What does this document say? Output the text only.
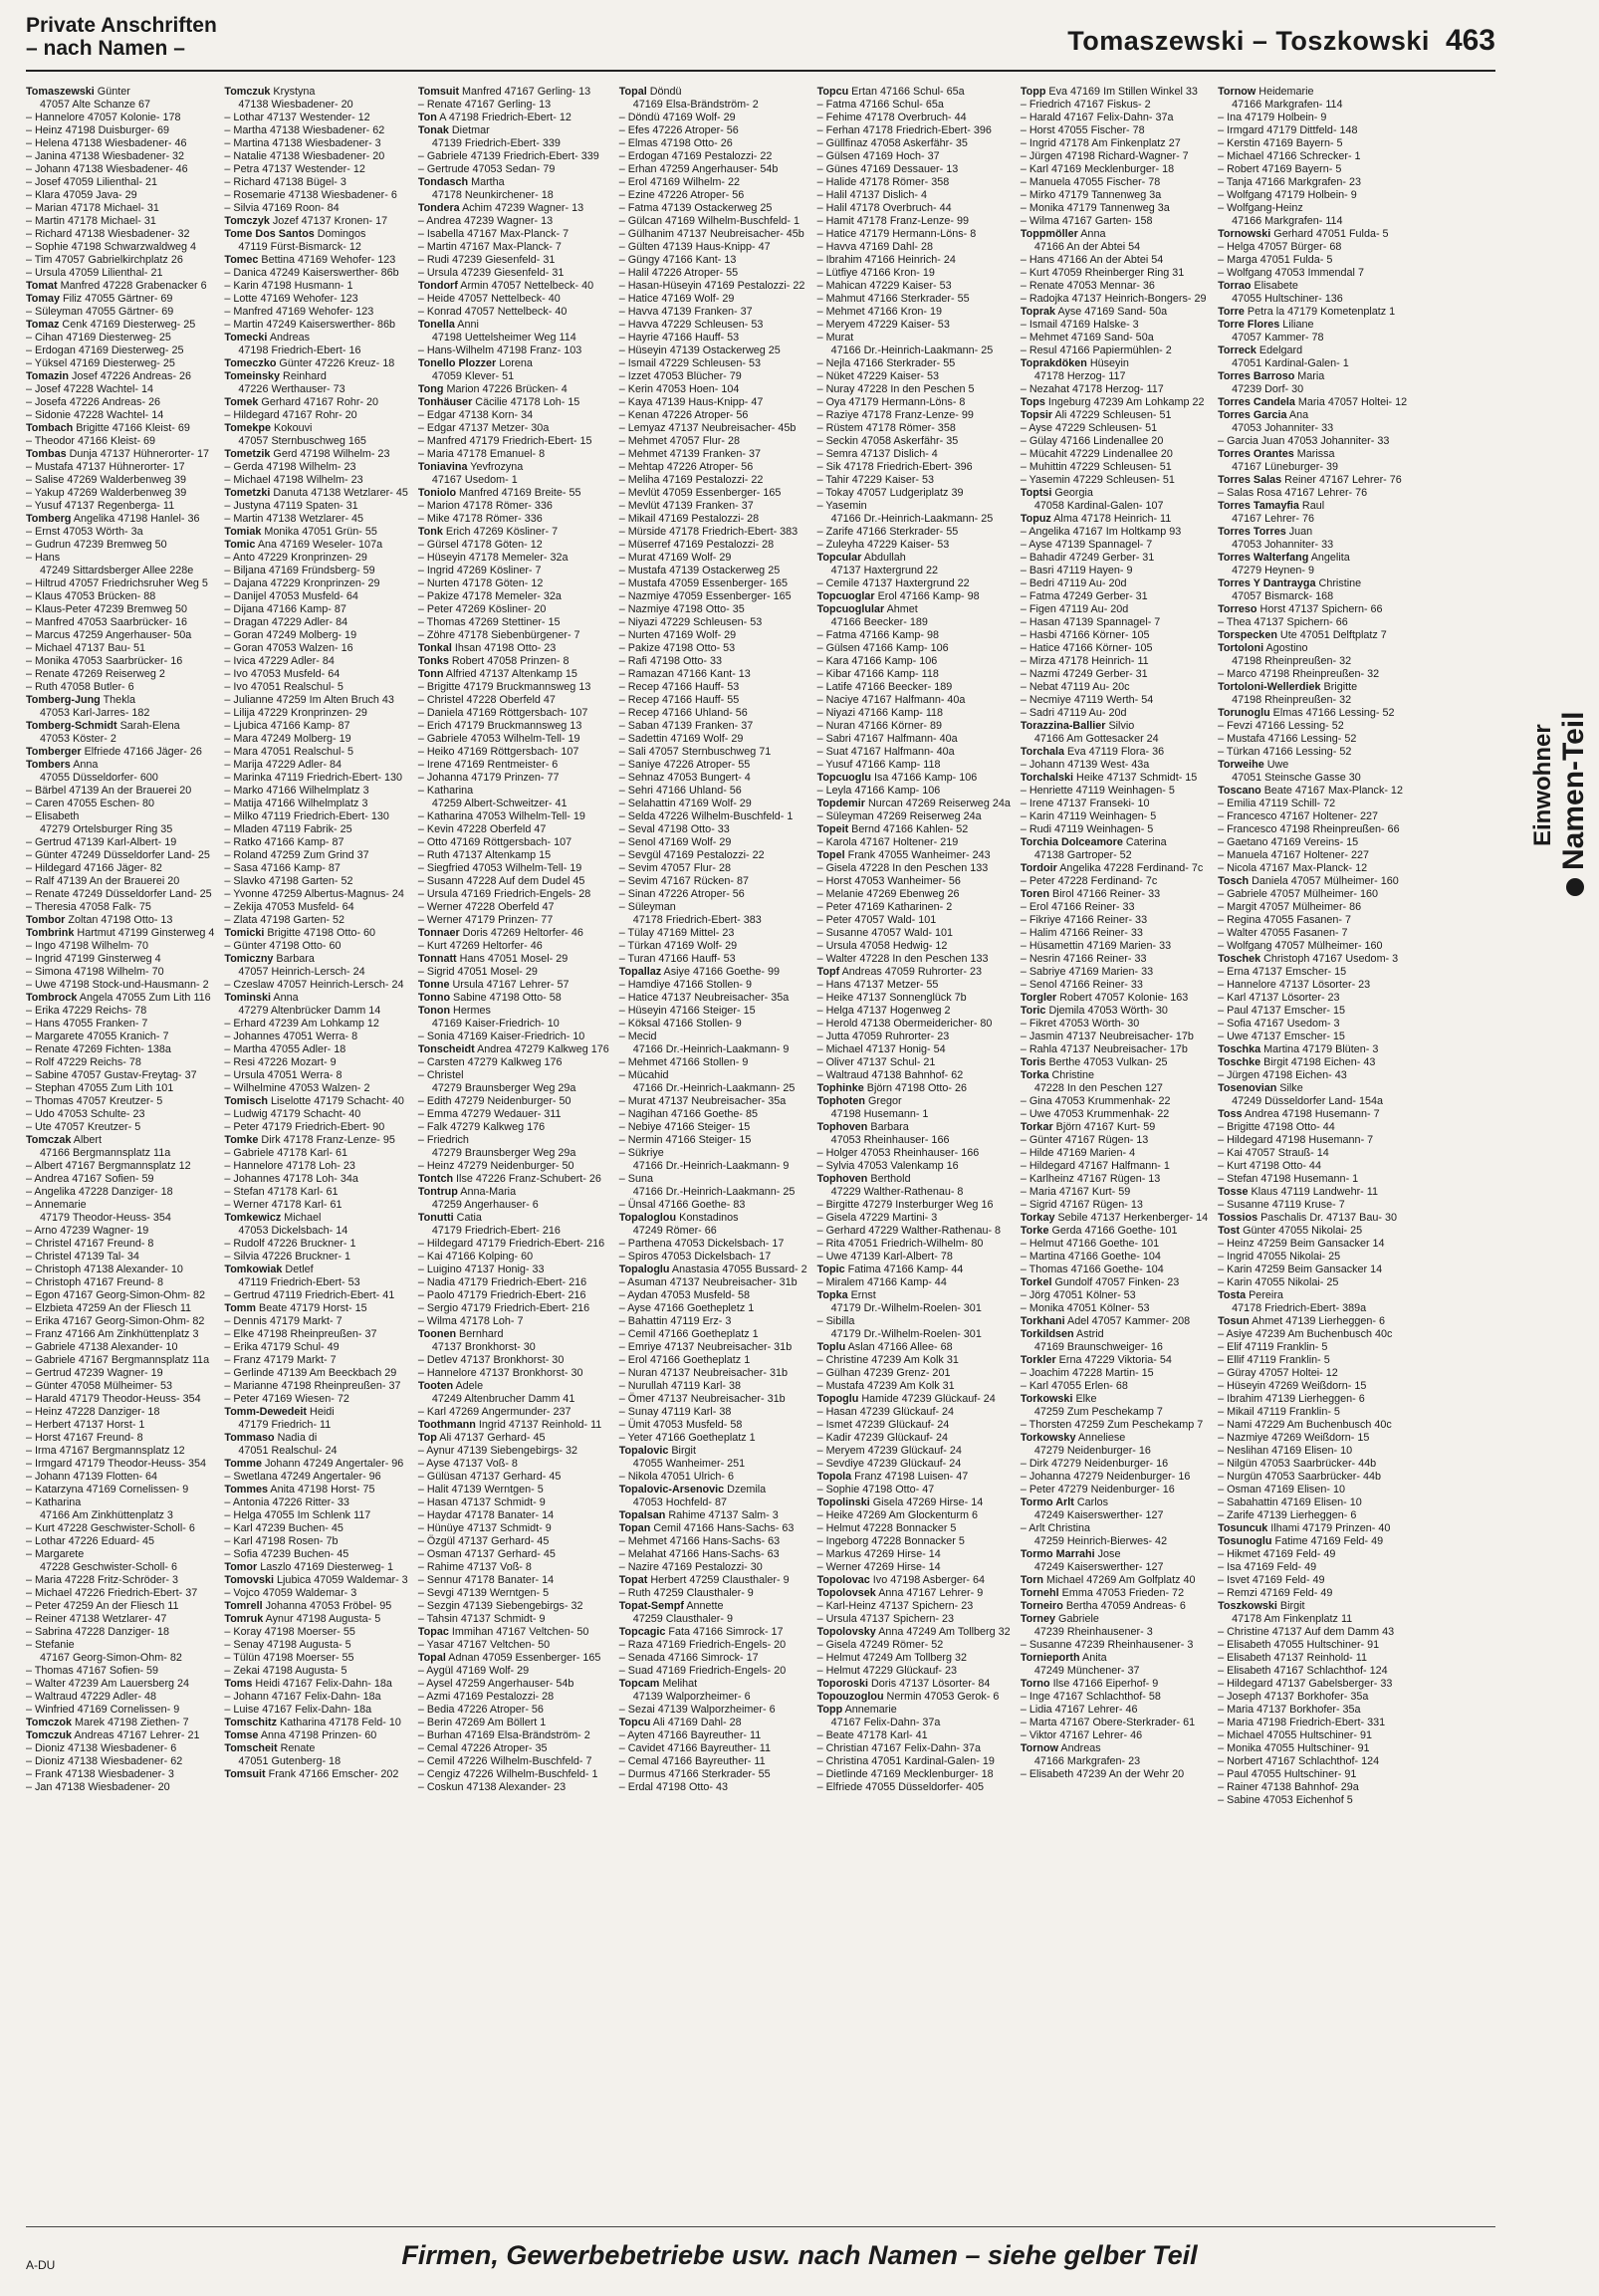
Private Anschriften
– nach Namen –	Tomaszewski – Toszkowski 463
Tomaszewski Günter
47057 Alte Schanze 67
– Hannelore 47057 Kolonie- 178
– Heinz 47198 Duisburger- 69
– Helena 47138 Wiesbadener- 46
– Janina 47138 Wiesbadener- 32
– Johann 47138 Wiesbadener- 46
– Josef 47059 Lilienthal- 21
– Klara 47059 Java- 29
– Marian 47178 Michael- 31
– Martin 47178 Michael- 31
– Richard 47138 Wiesbadener- 32
– Sophie 47198 Schwarzwaldweg 4
– Tim 47057 Gabrielkirchplatz 26
– Ursula 47059 Lilienthal- 21
Tomat Manfred 47228 Grabenacker 6
Tomay Filiz 47055 Gärtner- 69
– Süleyman 47055 Gärtner- 69
Tomaz Cenk 47169 Diesterweg- 25
– Cihan 47169 Diesterweg- 25
– Erdogan 47169 Diesterweg- 25
– Yüksel 47169 Diesterweg- 25
Tomazin Josef 47226 Andreas- 26
– Josef 47228 Wachtel- 14
– Josefa 47226 Andreas- 26
– Sidonie 47228 Wachtel- 14
Tombach Brigitte 47166 Kleist- 69
– Theodor 47166 Kleist- 69
Tombas Dunja 47137 Hühnerorter- 17
– Mustafa 47137 Hühnerorter- 17
– Salise 47269 Walderbenweg 39
– Yakup 47269 Walderbenweg 39
– Yusuf 47137 Regenberga- 11
Tomberg Angelika 47198 Hanlel- 36
– Ernst 47053 Wörth- 3a
– Gudrun 47239 Bremweg 50
– Hans
47249 Sittardsberger Allee 228e
– Hiltrud 47057 Friedrichsruher Weg 5
– Klaus 47053 Brücken- 88
– Klaus-Peter 47239 Bremweg 50
– Manfred 47053 Saarbrücker- 16
– Marcus 47259 Angerhauser- 50a
– Michael 47137 Bau- 51
– Monika 47053 Saarbrücker- 16
– Renate 47269 Reiserweg 2
– Ruth 47058 Butler- 6
Tomberg-Jung Thekla
47053 Karl-Jarres- 182
Tomberg-Schmidt Sarah-Elena
47053 Köster- 2
Tomberger Elfriede 47166 Jäger- 26
Tombers Anna
47055 Düsseldorfer- 600
– Bärbel 47139 An der Brauerei 20
– Caren 47055 Eschen- 80
– Elisabeth
47279 Ortelsburger Ring 35
– Gertrud 47139 Karl-Albert- 19
– Günter 47249 Düsseldorfer Land- 25
– Hildegard 47166 Jäger- 82
– Ralf 47139 An der Brauerei 20
– Renate 47249 Düsseldorfer Land- 25
– Theresia 47058 Falk- 75
Tombor Zoltan 47198 Otto- 13
Tombrink Hartmut 47199 Ginsterweg 4
– Ingo 47198 Wilhelm- 70
– Ingrid 47199 Ginsterweg 4
– Simona 47198 Wilhelm- 70
– Uwe 47198 Stock-und-Hausmann- 2
Tombrock Angela 47055 Zum Lith 116
– Erika 47229 Reichs- 78
– Hans 47055 Franken- 7
– Margarete 47055 Kranich- 7
– Renate 47269 Fichten- 138a
– Rolf 47229 Reichs- 78
– Sabine 47057 Gustav-Freytag- 37
– Stephan 47055 Zum Lith 101
– Thomas 47057 Kreutzer- 5
– Udo 47053 Schulte- 23
– Ute 47057 Kreutzer- 5
Tomczak Albert
47166 Bergmannsplatz 11a
– Albert 47167 Bergmannsplatz 12
– Andrea 47167 Sofien- 59
– Angelika 47228 Danziger- 18
– Annemarie
47179 Theodor-Heuss- 354
– Arno 47239 Wagner- 19
– Christel 47167 Freund- 8
– Christel 47139 Tal- 34
– Christoph 47138 Alexander- 10
– Christoph 47167 Freund- 8
– Egon 47167 Georg-Simon-Ohm- 82
– Elzbieta 47259 An der Fliesch 11
– Erika 47167 Georg-Simon-Ohm- 82
– Franz 47166 Am Zinkhüttenplatz 3
– Gabriele 47138 Alexander- 10
– Gabriele 47167 Bergmannsplatz 11a
– Gertrud 47239 Wagner- 19
– Günter 47058 Mülheimer- 53
– Harald 47179 Theodor-Heuss- 354
– Heinz 47228 Danziger- 18
– Herbert 47137 Horst- 1
– Horst 47167 Freund- 8
– Irma 47167 Bergmannsplatz 12
– Irmgard 47179 Theodor-Heuss- 354
– Johann 47139 Flotten- 64
– Katarzyna 47169 Cornelissen- 9
– Katharina
47166 Am Zinkhüttenplatz 3
– Kurt 47228 Geschwister-Scholl- 6
– Lothar 47226 Eduard- 45
– Margarete
47228 Geschwister-Scholl- 6
– Maria 47228 Fritz-Schröder- 3
– Michael 47226 Friedrich-Ebert- 37
– Peter 47259 An der Fliesch 11
– Reiner 47138 Wetzlarer- 47
– Sabrina 47228 Danziger- 18
– Stefanie
47167 Georg-Simon-Ohm- 82
– Thomas 47167 Sofien- 59
– Walter 47239 Am Lauersberg 24
– Waltraud 47229 Adler- 48
– Winfried 47169 Cornelissen- 9
Tomczok Marek 47198 Ziethen- 7
Tomczuk Andreas 47167 Lehrer- 21
– Dioniz 47138 Wiesbadener- 6
– Dioniz 47138 Wiesbadener- 62
– Frank 47138 Wiesbadener- 3
– Jan 47138 Wiesbadener- 20
Tomczuk Krystyna
47138 Wiesbadener- 20
– Lothar 47137 Westender- 12
– Martha 47138 Wiesbadener- 62
– Martina 47138 Wiesbadener- 3
– Natalie 47138 Wiesbadener- 20
– Petra 47137 Westender- 12
– Richard 47138 Bügel- 3
– Rosemarie 47138 Wiesbadener- 6
– Silvia 47169 Roon- 84
Tomczyk Jozef 47137 Kronen- 17
Tome Dos Santos Domingos
47119 Fürst-Bismarck- 12
Tomec Bettina 47169 Wehofer- 123
– Danica 47249 Kaiserswerther- 86b
– Karin 47198 Husmann- 1
– Lotte 47169 Wehofer- 123
– Manfred 47169 Wehofer- 123
– Martin 47249 Kaiserswerther- 86b
Tomecki Andreas
47198 Friedrich-Ebert- 16
Tomeczko Günter 47226 Kreuz- 18
Tomeinsky Reinhard
47226 Werthauser- 73
Tomek Gerhard 47167 Rohr- 20
– Hildegard 47167 Rohr- 20
Tomekpe Kokouvi
47057 Sternbuschweg 165
Tometzik Gerd 47198 Wilhelm- 23
– Gerda 47198 Wilhelm- 23
– Michael 47198 Wilhelm- 23
Tometzki Danuta 47138 Wetzlarer- 45
– Justyna 47119 Spaten- 31
– Martin 47138 Wetzlarer- 45
Tomiak Monika 47051 Grün- 55
Tomic Ana 47169 Weseler- 107a
– Anto 47229 Kronprinzen- 29
– Biljana 47169 Fründsberg- 59
– Dajana 47229 Kronprinzen- 29
– Danijel 47053 Musfeld- 64
– Dijana 47166 Kamp- 87
– Dragan 47229 Adler- 84
– Goran 47249 Molberg- 19
– Goran 47053 Walzen- 16
– Ivica 47229 Adler- 84
– Ivo 47053 Musfeld- 64
– Ivo 47051 Realschul- 5
– Julianne 47259 Im Alten Bruch 43
– Lilija 47229 Kronprinzen- 29
– Ljubica 47166 Kamp- 87
– Mara 47249 Molberg- 19
– Mara 47051 Realschul- 5
– Marija 47229 Adler- 84
– Marinka 47119 Friedrich-Ebert- 130
– Marko 47166 Wilhelmplatz 3
– Matija 47166 Wilhelmplatz 3
– Milko 47119 Friedrich-Ebert- 130
– Mladen 47119 Fabrik- 25
– Ratko 47166 Kamp- 87
– Roland 47259 Zum Grind 37
– Sasa 47166 Kamp- 87
– Slavko 47198 Garten- 52
– Yvonne 47259 Albertus-Magnus- 24
– Zekija 47053 Musfeld- 64
– Zlata 47198 Garten- 52
Tomicki Brigitte 47198 Otto- 60
– Günter 47198 Otto- 60
Tomiczny Barbara
47057 Heinrich-Lersch- 24
– Czeslaw 47057 Heinrich-Lersch- 24
Tominski Anna
47279 Altenbrücker Damm 14
– Erhard 47239 Am Lohkamp 12
– Johannes 47051 Werra- 8
– Martha 47055 Adler- 18
– Resi 47226 Mozart- 9
– Ursula 47051 Werra- 8
– Wilhelmine 47053 Walzen- 2
Tomisch Liselotte 47179 Schacht- 40
– Ludwig 47179 Schacht- 40
– Peter 47179 Friedrich-Ebert- 90
Tomke Dirk 47178 Franz-Lenze- 95
– Gabriele 47178 Karl- 61
– Hannelore 47178 Loh- 23
– Johannes 47178 Loh- 34a
– Stefan 47178 Karl- 61
– Werner 47178 Karl- 61
Tomkewicz Michael
47053 Dickelsbach- 14
– Rudolf 47226 Bruckner- 1
– Silvia 47226 Bruckner- 1
Tomkowiak Detlef
47119 Friedrich-Ebert- 53
– Gertrud 47119 Friedrich-Ebert- 41
Tomm Beate 47179 Horst- 15
– Dennis 47179 Markt- 7
– Elke 47198 Rheinpreußen- 37
– Erika 47179 Schul- 49
– Franz 47179 Markt- 7
– Gerlinde 47139 Am Beeckbach 29
– Marianne 47198 Rheinpreußen- 37
– Peter 47169 Wiesen- 72
Tomm-Dewedeit Heidi
47179 Friedrich- 11
Tommaso Nadia di
47051 Realschul- 24
Tomme Johann 47249 Angertaler- 96
– Swetlana 47249 Angertaler- 96
Tommes Anita 47198 Horst- 75
– Antonia 47226 Ritter- 33
– Helga 47055 Im Schlenk 117
– Karl 47239 Buchen- 45
– Karl 47198 Rosen- 7b
– Sofia 47239 Buchen- 45
Tomor Laszlo 47169 Diesterweg- 1
Tomovski Ljubica 47059 Waldemar- 3
– Vojco 47059 Waldemar- 3
Tomrell Johanna 47053 Fröbel- 95
Tomruk Aynur 47198 Augusta- 5
– Koray 47198 Moerser- 55
– Senay 47198 Augusta- 5
– Tülün 47198 Moerser- 55
– Zekai 47198 Augusta- 5
Toms Heidi 47167 Felix-Dahn- 18a
– Johann 47167 Felix-Dahn- 18a
– Luise 47167 Felix-Dahn- 18a
Tomschitz Katharina 47178 Feld- 10
Tomse Anna 47198 Prinzen- 60
Tomscheit Renate
47051 Gutenberg- 18
Tomsuit Frank 47166 Emscher- 202
Tomsuit Manfred 47167 Gerling- 13
– Renate 47167 Gerling- 13
Ton A 47198 Friedrich-Ebert- 12
Tonak Dietmar
47139 Friedrich-Ebert- 339
– Gabriele 47139 Friedrich-Ebert- 339
– Gertrude 47053 Sedan- 79
Tondasch Martha
47178 Neunkirchener- 18
Tondera Achim 47239 Wagner- 13
– Andrea 47239 Wagner- 13
– Isabella 47167 Max-Planck- 7
– Martin 47167 Max-Planck- 7
– Rudi 47239 Giesenfeld- 31
– Ursula 47239 Giesenfeld- 31
Tondorf Armin 47057 Nettelbeck- 40
– Heide 47057 Nettelbeck- 40
– Konrad 47057 Nettelbeck- 40
Tonella Anni
47198 Uettelsheimer Weg 114
– Hans-Wilhelm 47198 Franz- 103
Tonello Plozzer Lorena
47059 Klever- 51
Tong Marion 47226 Brücken- 4
Tonhäuser Cäcilie 47178 Loh- 15
– Edgar 47138 Korn- 34
– Edgar 47137 Metzer- 30a
– Manfred 47179 Friedrich-Ebert- 15
– Maria 47178 Emanuel- 8
Toniavina Yevfrozyna
47167 Usedom- 1
Toniolo Manfred 47169 Breite- 55
– Marion 47178 Römer- 336
– Mike 47178 Römer- 336
Tonk Erich 47269 Kösliner- 7
– Gürsel 47178 Göten- 12
– Hüseyin 47178 Memeler- 32a
– Ingrid 47269 Kösliner- 7
– Nurten 47178 Göten- 12
– Pakize 47178 Memeler- 32a
– Peter 47269 Kösliner- 20
– Thomas 47269 Stettiner- 15
– Zöhre 47178 Siebenbürgener- 7
Tonkal Ihsan 47198 Otto- 23
Tonks Robert 47058 Prinzen- 8
Tonn Alfried 47137 Altenkamp 15
– Brigitte 47179 Bruckmannsweg 13
– Christel 47228 Oberfeld 47
– Daniela 47169 Röttgersbach- 107
– Erich 47179 Bruckmannsweg 13
– Gabriele 47053 Wilhelm-Tell- 19
– Heiko 47169 Röttgersbach- 107
– Irene 47169 Rentmeister- 6
– Johanna 47179 Prinzen- 77
– Katharina
47259 Albert-Schweitzer- 41
– Katharina 47053 Wilhelm-Tell- 19
– Kevin 47228 Oberfeld 47
– Otto 47169 Röttgersbach- 107
– Ruth 47137 Altenkamp 15
– Siegfried 47053 Wilhelm-Tell- 19
– Susann 47228 Auf dem Dudel 45
– Ursula 47169 Friedrich-Engels- 28
– Werner 47228 Oberfeld 47
– Werner 47179 Prinzen- 77
Tonnaer Doris 47269 Heltorfer- 46
– Kurt 47269 Heltorfer- 46
Tonnatt Hans 47051 Mosel- 29
– Sigrid 47051 Mosel- 29
Tonne Ursula 47167 Lehrer- 57
Tonno Sabine 47198 Otto- 58
Tonon Hermes
47169 Kaiser-Friedrich- 10
– Sonia 47169 Kaiser-Friedrich- 10
Tonscheidt Andrea 47279 Kalkweg 176
– Carsten 47279 Kalkweg 176
– Christel
47279 Braunsberger Weg 29a
– Edith 47279 Neidenburger- 50
– Emma 47279 Wedauer- 311
– Falk 47279 Kalkweg 176
– Friedrich
47279 Braunsberger Weg 29a
– Heinz 47279 Neidenburger- 50
Tontch Ilse 47226 Franz-Schubert- 26
Tontrup Anna-Maria
47259 Angerhauser- 6
Tonutti Catia
47179 Friedrich-Ebert- 216
– Hildegard 47179 Friedrich-Ebert- 216
– Kai 47166 Kolping- 60
– Luigino 47137 Honig- 33
– Nadia 47179 Friedrich-Ebert- 216
– Paolo 47179 Friedrich-Ebert- 216
– Sergio 47179 Friedrich-Ebert- 216
– Wilma 47178 Loh- 7
Toonen Bernhard
47137 Bronkhorst- 30
– Detlev 47137 Bronkhorst- 30
– Hannelore 47137 Bronkhorst- 30
Tooten Adele
47249 Altenbrucher Damm 41
– Karl 47269 Angermunder- 237
Toothmann Ingrid 47137 Reinhold- 11
Top Ali 47137 Gerhard- 45
– Aynur 47139 Siebengebirgs- 32
– Ayse 47137 Voß- 8
– Gülüsan 47137 Gerhard- 45
– Halit 47139 Werntgen- 5
– Hasan 47137 Schmidt- 9
– Haydar 47178 Banater- 14
– Hünüye 47137 Schmidt- 9
– Özgül 47137 Gerhard- 45
– Osman 47137 Gerhard- 45
– Rahime 47137 Voß- 8
– Sennur 47178 Banater- 14
– Sevgi 47139 Werntgen- 5
– Sezgin 47139 Siebengebirgs- 32
– Tahsin 47137 Schmidt- 9
Topac Immihan 47167 Veltchen- 50
– Yasar 47167 Veltchen- 50
Topal Adnan 47059 Essenberger- 165
– Aygül 47169 Wolf- 29
– Aysel 47259 Angerhauser- 54b
– Azmi 47169 Pestalozzi- 28
– Bedia 47226 Atroper- 56
– Berin 47269 Am Böllert 1
– Burhan 47169 Elsa-Brändström- 2
– Cemal 47226 Atroper- 35
– Cemil 47226 Wilhelm-Buschfeld- 7
– Cengiz 47226 Wilhelm-Buschfeld- 1
– Coskun 47138 Alexander- 23
Topal Döndü
47169 Elsa-Brändström- 2
– Döndü 47169 Wolf- 29
– Efes 47226 Atroper- 56
– Elmas 47198 Otto- 26
– Erdogan 47169 Pestalozzi- 22
– Erhan 47259 Angerhauser- 54b
– Erol 47169 Wilhelm- 22
– Ezine 47226 Atroper- 56
– Fatma 47139 Ostackerweg 25
– Gülcan 47169 Wilhelm-Buschfeld- 1
– Gülhanim 47137 Neubreisacher- 45b
– Gülten 47139 Haus-Knipp- 47
– Güngy 47166 Kant- 13
– Halil 47226 Atroper- 55
– Hasan-Hüseyin 47169 Pestalozzi- 22
– Hatice 47169 Wolf- 29
– Havva 47139 Franken- 37
– Havva 47229 Schleusen- 53
– Hayrie 47166 Hauff- 53
– Hüseyin 47139 Ostackerweg 25
– Ismail 47229 Schleusen- 53
– Izzet 47053 Blücher- 79
– Kerin 47053 Hoen- 104
– Kaya 47139 Haus-Knipp- 47
– Kenan 47226 Atroper- 56
– Lemyaz 47137 Neubreisacher- 45b
– Mehmet 47057 Flur- 28
– Mehmet 47139 Franken- 37
– Mehtap 47226 Atroper- 56
– Meliha 47169 Pestalozzi- 22
– Mevlüt 47059 Essenberger- 165
– Mevlüt 47139 Franken- 37
– Mikail 47169 Pestalozzi- 28
– Mürside 47178 Friedrich-Ebert- 383
– Müserref 47169 Pestalozzi- 28
– Murat 47169 Wolf- 29
– Mustafa 47139 Ostackerweg 25
– Mustafa 47059 Essenberger- 165
– Nazmiye 47059 Essenberger- 165
– Nazmiye 47198 Otto- 35
– Niyazi 47229 Schleusen- 53
– Nurten 47169 Wolf- 29
– Pakize 47198 Otto- 53
– Rafi 47198 Otto- 33
– Ramazan 47166 Kant- 13
– Recep 47166 Hauff- 53
– Recep 47166 Hauff- 55
– Recep 47166 Uhland- 56
– Saban 47139 Franken- 37
– Sadettin 47169 Wolf- 29
– Sali 47057 Sternbuschweg 71
– Saniye 47226 Atroper- 55
– Sehnaz 47053 Bungert- 4
– Sehri 47166 Uhland- 56
– Selahattin 47169 Wolf- 29
– Selda 47226 Wilhelm-Buschfeld- 1
– Seval 47198 Otto- 33
– Senol 47169 Wolf- 29
– Sevgül 47169 Pestalozzi- 22
– Sevim 47057 Flur- 28
– Sevim 47167 Rücken- 87
– Sinan 47226 Atroper- 56
– Süleyman
47178 Friedrich-Ebert- 383
– Tülay 47169 Mittel- 23
– Türkan 47169 Wolf- 29
– Turan 47166 Hauff- 53
Topallaz Asiye 47166 Goethe- 99
– Hamdiye 47166 Stollen- 9
– Hatice 47137 Neubreisacher- 35a
– Hüseyin 47166 Steiger- 15
– Köksal 47166 Stollen- 9
– Mecid
47166 Dr.-Heinrich-Laakmann- 9
– Mehmet 47166 Stollen- 9
– Mücahid
47166 Dr.-Heinrich-Laakmann- 25
– Murat 47137 Neubreisacher- 35a
– Nagihan 47166 Goethe- 85
– Nebiye 47166 Steiger- 15
– Nermin 47166 Steiger- 15
– Sükriye
47166 Dr.-Heinrich-Laakmann- 9
– Suna
47166 Dr.-Heinrich-Laakmann- 25
– Ünsal 47166 Goethe- 83
Topaloglou Konstadinos
47249 Römer- 66
– Parthena 47053 Dickelsbach- 17
– Spiros 47053 Dickelsbach- 17
Topaloglu Anastasia 47055 Bussard- 2
– Asuman 47137 Neubreisacher- 31b
– Aydan 47053 Musfeld- 58
– Ayse 47166 Goethepletz 1
– Bahattin 47119 Erz- 3
– Cemil 47166 Goetheplatz 1
– Emriye 47137 Neubreisacher- 31b
– Erol 47166 Goetheplatz 1
– Nuran 47137 Neubreisacher- 31b
– Nurullah 47119 Karl- 38
– Ömer 47137 Neubreisacher- 31b
– Sunay 47119 Karl- 38
– Ümit 47053 Musfeld- 58
– Yeter 47166 Goetheplatz 1
Topalovic Birgit
47055 Wanheimer- 251
– Nikola 47051 Ulrich- 6
Topalovic-Arsenovic Dzemila
47053 Hochfeld- 87
Topalsan Rahime 47137 Salm- 3
Topan Cemil 47166 Hans-Sachs- 63
– Mehmet 47166 Hans-Sachs- 63
– Melahat 47166 Hans-Sachs- 63
– Nazire 47169 Pestalozzi- 30
Topat Herbert 47259 Clausthaler- 9
– Ruth 47259 Clausthaler- 9
Topat-Sempf Annette
47259 Clausthaler- 9
Topcagic Fata 47166 Simrock- 17
– Raza 47169 Friedrich-Engels- 20
– Senada 47166 Simrock- 17
– Suad 47169 Friedrich-Engels- 20
Topcam Melihat
47139 Walporzheimer- 6
– Sezai 47139 Walporzheimer- 6
Topcu Ali 47169 Dahl- 28
– Ayten 47166 Bayreuther- 11
– Cavidet 47166 Bayreuther- 11
– Cemal 47166 Bayreuther- 11
– Durmus 47166 Sterkrader- 55
– Erdal 47198 Otto- 43
Topcu Ertan 47166 Schul- 65a
– Fatma 47166 Schul- 65a
– Fehime 47178 Overbruch- 44
– Ferhan 47178 Friedrich-Ebert- 396
– Güllfinaz 47058 Askerfähr- 35
– Gülsen 47169 Hoch- 37
– Günes 47169 Dessauer- 13
– Halide 47178 Römer- 358
– Halil 47137 Dislich- 4
– Halil 47178 Overbruch- 44
– Hamit 47178 Franz-Lenze- 99
– Hatice 47179 Hermann-Löns- 8
– Havva 47169 Dahl- 28
– Ibrahim 47166 Heinrich- 24
– Lütfiye 47166 Kron- 19
– Mahican 47229 Kaiser- 53
– Mahmut 47166 Sterkrader- 55
– Mehmet 47166 Kron- 19
– Meryem 47229 Kaiser- 53
– Murat
47166 Dr.-Heinrich-Laakmann- 25
– Nejla 47166 Sterkrader- 55
– Nüket 47229 Kaiser- 53
– Nuray 47228 In den Peschen 5
– Oya 47179 Hermann-Löns- 8
– Raziye 47178 Franz-Lenze- 99
– Rüstem 47178 Römer- 358
– Seckin 47058 Askerfähr- 35
– Semra 47137 Dislich- 4
– Sik 47178 Friedrich-Ebert- 396
– Tahir 47229 Kaiser- 53
– Tokay 47057 Ludgeriplatz 39
– Yasemin
47166 Dr.-Heinrich-Laakmann- 25
– Zarife 47166 Sterkrader- 55
– Zuleyha 47229 Kaiser- 53
Topcular Abdullah
47137 Haxtergrund 22
– Cemile 47137 Haxtergrund 22
Topcuoglar Erol 47166 Kamp- 98
Topcuoglular Ahmet
47166 Beecker- 189
– Fatma 47166 Kamp- 98
– Gülsen 47166 Kamp- 106
– Kara 47166 Kamp- 106
– Kibar 47166 Kamp- 118
– Latife 47166 Beecker- 189
– Naciye 47167 Halfmann- 40a
– Niyazi 47166 Kamp- 118
– Nuran 47166 Körner- 89
– Sabri 47167 Halfmann- 40a
– Suat 47167 Halfmann- 40a
– Yusuf 47166 Kamp- 118
Topcuoglu Isa 47166 Kamp- 106
– Leyla 47166 Kamp- 106
Topdemir Nurcan 47269 Reiserweg 24a
– Süleyman 47269 Reiserweg 24a
Topeit Bernd 47166 Kahlen- 52
– Karola 47167 Holtener- 219
Topel Frank 47055 Wanheimer- 243
– Gisela 47228 In den Peschen 133
– Horst 47053 Wanheimer- 56
– Melanie 47269 Ebenweg 26
– Peter 47169 Katharinen- 2
– Peter 47057 Wald- 101
– Susanne 47057 Wald- 101
– Ursula 47058 Hedwig- 12
– Walter 47228 In den Peschen 133
Topf Andreas 47059 Ruhrorter- 23
– Hans 47137 Metzer- 55
– Heike 47137 Sonnenglück 7b
– Helga 47137 Hogenweg 2
– Herold 47138 Obermeidericher- 80
– Jutta 47059 Ruhrorter- 23
– Michael 47137 Honig- 54
– Oliver 47137 Schul- 21
– Waltraud 47138 Bahnhof- 62
Tophinke Björn 47198 Otto- 26
Tophoten Gregor
47198 Husemann- 1
Tophoven Barbara
47053 Rheinhauser- 166
– Holger 47053 Rheinhauser- 166
– Sylvia 47053 Valenkamp 16
Tophoven Berthold
47229 Walther-Rathenau- 8
– Birgitte 47279 Insterburger Weg 16
– Gisela 47229 Martini- 3
– Gerhard 47229 Walther-Rathenau- 8
– Rita 47051 Friedrich-Wilhelm- 80
– Uwe 47139 Karl-Albert- 78
Topic Fatima 47166 Kamp- 44
– Miralem 47166 Kamp- 44
Topka Ernst
47179 Dr.-Wilhelm-Roelen- 301
– Sibilla
47179 Dr.-Wilhelm-Roelen- 301
Toplu Aslan 47166 Allee- 68
– Christine 47239 Am Kolk 31
– Gülhan 47239 Grenz- 201
– Mustafa 47239 Am Kolk 31
Topoglu Hamide 47239 Glückauf- 24
– Hasan 47239 Glückauf- 24
– Ismet 47239 Glückauf- 24
– Kadir 47239 Glückauf- 24
– Meryem 47239 Glückauf- 24
– Sevdiye 47239 Glückauf- 24
Topola Franz 47198 Luisen- 47
– Sophie 47198 Otto- 47
Topolinski Gisela 47269 Hirse- 14
– Heike 47269 Am Glockenturm 6
– Helmut 47228 Bonnacker 5
– Ingeborg 47228 Bonnacker 5
– Markus 47269 Hirse- 14
– Werner 47269 Hirse- 14
Topolovac Ivo 47198 Asberger- 64
Topolovsek Anna 47167 Lehrer- 9
– Karl-Heinz 47137 Spichern- 23
– Ursula 47137 Spichern- 23
Topolovsky Anna 47249 Am Tollberg 32
– Gisela 47249 Römer- 52
– Helmut 47249 Am Tollberg 32
– Helmut 47229 Glückauf- 23
Toporoski Doris 47137 Lösorter- 84
Topouzoglou Nermin 47053 Gerok- 6
Topp Annemarie
47167 Felix-Dahn- 37a
– Beate 47178 Karl- 41
– Christian 47167 Felix-Dahn- 37a
– Christina 47051 Kardinal-Galen- 19
– Dietlinde 47169 Mecklenburger- 18
– Elfriede 47055 Düsseldorfer- 405
Topp Eva 47169 Im Stillen Winkel 33
– Friedrich 47167 Fiskus- 2
– Harald 47167 Felix-Dahn- 37a
– Horst 47055 Fischer- 78
– Ingrid 47178 Am Finkenplatz 27
– Jürgen 47198 Richard-Wagner- 7
– Karl 47169 Mecklenburger- 18
– Manuela 47055 Fischer- 78
– Mirko 47179 Tannenweg 3a
– Monika 47179 Tannenweg 3a
– Wilma 47167 Garten- 158
Toppmöller Anna
47166 An der Abtei 54
– Hans 47166 An der Abtei 54
– Kurt 47059 Rheinberger Ring 31
– Renate 47053 Mennar- 36
– Radojka 47137 Heinrich-Bongers- 29
Toprak Ayse 47169 Sand- 50a
– Ismail 47169 Halske- 3
– Mehmet 47169 Sand- 50a
– Resul 47166 Papiermühlen- 2
Toprakdöken Hüseyin
47178 Herzog- 117
– Nezahat 47178 Herzog- 117
Tops Ingeburg 47239 Am Lohkamp 22
Topsir Ali 47229 Schleusen- 51
– Ayse 47229 Schleusen- 51
– Gülay 47166 Lindenallee 20
– Mücahit 47229 Lindenallee 20
– Muhittin 47229 Schleusen- 51
– Yasemin 47229 Schleusen- 51
Toptsi Georgia
47058 Kardinal-Galen- 107
Topuz Alma 47178 Heinrich- 11
– Angelika 47167 Im Holtkamp 93
– Ayse 47139 Spannagel- 7
– Bahadir 47249 Gerber- 31
– Basri 47119 Hayen- 9
– Bedri 47119 Au- 20d
– Fatma 47249 Gerber- 31
– Figen 47119 Au- 20d
– Hasan 47139 Spannagel- 7
– Hasbi 47166 Körner- 105
– Hatice 47166 Körner- 105
– Mirza 47178 Heinrich- 11
– Nazmi 47249 Gerber- 31
– Nebat 47119 Au- 20c
– Necmiye 47119 Werth- 54
– Sadri 47119 Au- 20d
Torazzina-Ballier Silvio
47166 Am Gottesacker 24
Torchala Eva 47119 Flora- 36
– Johann 47139 West- 43a
Torchalski Heike 47137 Schmidt- 15
– Henriette 47119 Weinhagen- 5
– Irene 47137 Franseki- 10
– Karin 47119 Weinhagen- 5
– Rudi 47119 Weinhagen- 5
Torchia Dolceamore Caterina
47138 Gartroper- 52
Tordoir Angelika 47228 Ferdinand- 7c
– Peter 47228 Ferdinand- 7c
Toren Birol 47166 Reiner- 33
– Erol 47166 Reiner- 33
– Fikriye 47166 Reiner- 33
– Halim 47166 Reiner- 33
– Hüsamettin 47169 Marien- 33
– Nesrin 47166 Reiner- 33
– Sabriye 47169 Marien- 33
– Senol 47166 Reiner- 33
Torgler Robert 47057 Kolonie- 163
Toric Djemila 47053 Wörth- 30
– Fikret 47053 Wörth- 30
– Jasmin 47137 Neubreisacher- 17b
– Rahla 47137 Neubreisacher- 17b
Toris Berthe 47053 Vulkan- 25
Torka Christine
47228 In den Peschen 127
– Gina 47053 Krummenhak- 22
– Uwe 47053 Krummenhak- 22
Torkar Björn 47167 Kurt- 59
– Günter 47167 Rügen- 13
– Hilde 47169 Marien- 4
– Hildegard 47167 Halfmann- 1
– Karlheinz 47167 Rügen- 13
– Maria 47167 Kurt- 59
– Sigrid 47167 Rügen- 13
Torkay Sebile 47137 Herkenberger- 14
Torke Gerda 47166 Goethe- 101
– Helmut 47166 Goethe- 101
– Martina 47166 Goethe- 104
– Thomas 47166 Goethe- 104
Torkel Gundolf 47057 Finken- 23
– Jörg 47051 Kölner- 53
– Monika 47051 Kölner- 53
Torkhani Adel 47057 Kammer- 208
Torkildsen Astrid
47169 Braunschweiger- 16
Torkler Erna 47229 Viktoria- 54
– Joachim 47228 Martin- 15
– Karl 47055 Erlen- 68
Torkowski Elke
47259 Zum Peschekamp 7
– Thorsten 47259 Zum Peschekamp 7
Torkowsky Anneliese
47279 Neidenburger- 16
– Dirk 47279 Neidenburger- 16
– Johanna 47279 Neidenburger- 16
– Peter 47279 Neidenburger- 16
Tormo Arlt Carlos
47249 Kaiserswerther- 127
– Arlt Christina
47259 Heinrich-Bierwes- 42
Tormo Marrahi Jose
47249 Kaiserswerther- 127
Torn Michael 47269 Am Golfplatz 40
Tornehl Emma 47053 Frieden- 72
Torneiro Bertha 47059 Andreas- 6
Torney Gabriele
47239 Rheinhausener- 3
– Susanne 47239 Rheinhausener- 3
Tornieporth Anita
47249 Münchener- 37
Torno Ilse 47166 Eiperhof- 9
– Inge 47167 Schlachthof- 58
– Lidia 47167 Lehrer- 46
– Marta 47167 Obere-Sterkrader- 61
– Viktor 47167 Lehrer- 46
Tornow Andreas
47166 Markgrafen- 23
– Elisabeth 47239 An der Wehr 20
Tornow Heidemarie
47166 Markgrafen- 114
– Ina 47179 Holbein- 9
– Irmgard 47179 Dittfeld- 148
– Kerstin 47169 Bayern- 5
– Michael 47166 Schrecker- 1
– Robert 47169 Bayern- 5
– Tanja 47166 Markgrafen- 23
– Wolfgang 47179 Holbein- 9
– Wolfgang-Heinz
47166 Markgrafen- 114
Tornowski Gerhard 47051 Fulda- 5
– Helga 47057 Bürger- 68
– Marga 47051 Fulda- 5
– Wolfgang 47053 Immendal 7
Torrao Elisabete
47055 Hultschiner- 136
Torre Petra la 47179 Kometenplatz 1
Torre Flores Liliane
47057 Kammer- 78
Torreck Edelgard
47051 Kardinal-Galen- 1
Torres Barroso Maria
47239 Dorf- 30
Torres Candela Maria 47057 Holtei- 12
Torres Garcia Ana
47053 Johanniter- 33
– Garcia Juan 47053 Johanniter- 33
Torres Orantes Marissa
47167 Lüneburger- 39
Torres Salas Reiner 47167 Lehrer- 76
– Salas Rosa 47167 Lehrer- 76
Torres Tamayfia Raul
47167 Lehrer- 76
Torres Torres Juan
47053 Johanniter- 33
Torres Walterfang Angelita
47279 Heynen- 9
Torres Y Dantrayga Christine
47057 Bismarck- 168
Torreso Horst 47137 Spichern- 66
– Thea 47137 Spichern- 66
Torspecken Ute 47051 Delftplatz 7
Tortoloni Agostino
47198 Rheinpreußen- 32
– Marco 47198 Rheinpreußen- 32
Tortoloni-Wellerdiek Brigitte
47198 Rheinpreußen- 32
Torunoglu Elmas 47166 Lessing- 52
– Fevzi 47166 Lessing- 52
– Mustafa 47166 Lessing- 52
– Türkan 47166 Lessing- 52
Torweihe Uwe
47051 Steinsche Gasse 30
Toscano Beate 47167 Max-Planck- 12
– Emilia 47119 Schill- 72
– Francesco 47167 Holtener- 227
– Francesco 47198 Rheinpreußen- 66
– Gaetano 47169 Vereins- 15
– Manuela 47167 Holtener- 227
– Nicola 47167 Max-Planck- 12
Tosch Daniela 47057 Mülheimer- 160
– Gabriele 47057 Mülheimer- 160
– Margit 47057 Mülheimer- 86
– Regina 47055 Fasanen- 7
– Walter 47055 Fasanen- 7
– Wolfgang 47057 Mülheimer- 160
Toschek Christoph 47167 Usedom- 3
– Erna 47137 Emscher- 15
– Hannelore 47137 Lösorter- 23
– Karl 47137 Lösorter- 23
– Paul 47137 Emscher- 15
– Sofia 47167 Usedom- 3
– Uwe 47137 Emscher- 15
Toschka Martina 47179 Blüten- 3
Toschke Birgit 47198 Eichen- 43
– Jürgen 47198 Eichen- 43
Tosenovian Silke
47249 Düsseldorfer Land- 154a
Toss Andrea 47198 Husemann- 7
– Brigitte 47198 Otto- 44
– Hildegard 47198 Husemann- 7
– Kai 47057 Strauß- 14
– Kurt 47198 Otto- 44
– Stefan 47198 Husemann- 1
Tosse Klaus 47119 Landwehr- 11
– Susanne 47119 Kruse- 7
Tossios Paschalis Dr. 47137 Bau- 30
Tost Günter 47055 Nikolai- 25
– Heinz 47259 Beim Gansacker 14
– Ingrid 47055 Nikolai- 25
– Karin 47259 Beim Gansacker 14
– Karin 47055 Nikolai- 25
Tosta Pereira
47178 Friedrich-Ebert- 389a
Tosun Ahmet 47139 Lierheggen- 6
– Asiye 47239 Am Buchenbusch 40c
– Elif 47119 Franklin- 5
– Ellif 47119 Franklin- 5
– Güray 47057 Holtei- 12
– Hüseyin 47269 Weißdorn- 15
– Ibrahim 47139 Lierheggen- 6
– Mikail 47119 Franklin- 5
– Nami 47229 Am Buchenbusch 40c
– Nazmiye 47269 Weißdorn- 15
– Neslihan 47169 Elisen- 10
– Nilgün 47053 Saarbrücker- 44b
– Nurgün 47053 Saarbrücker- 44b
– Osman 47169 Elisen- 10
– Sabahattin 47169 Elisen- 10
– Zarife 47139 Lierheggen- 6
Tosuncuk Ilhami 47179 Prinzen- 40
Tosunoglu Fatime 47169 Feld- 49
– Hikmet 47169 Feld- 49
– Isa 47169 Feld- 49
– Isvet 47169 Feld- 49
– Remzi 47169 Feld- 49
Toszkowski Birgit
47178 Am Finkenplatz 11
– Christine 47137 Auf dem Damm 43
– Elisabeth 47055 Hultschiner- 91
– Elisabeth 47137 Reinhold- 11
– Elisabeth 47167 Schlachthof- 124
– Hildegard 47137 Gabelsberger- 33
– Joseph 47137 Borkhofer- 35a
– Maria 47137 Borkhofer- 35a
– Maria 47198 Friedrich-Ebert- 331
– Michael 47055 Hultschiner- 91
– Monika 47055 Hultschiner- 91
– Norbert 47167 Schlachthof- 124
– Paul 47055 Hultschiner- 91
– Rainer 47138 Bahnhof- 29a
– Sabine 47053 Eichenhof 5
Einwohner Namen-Teil
Firmen, Gewerbebetriebe usw. nach Namen – siehe gelber Teil
A-DU
